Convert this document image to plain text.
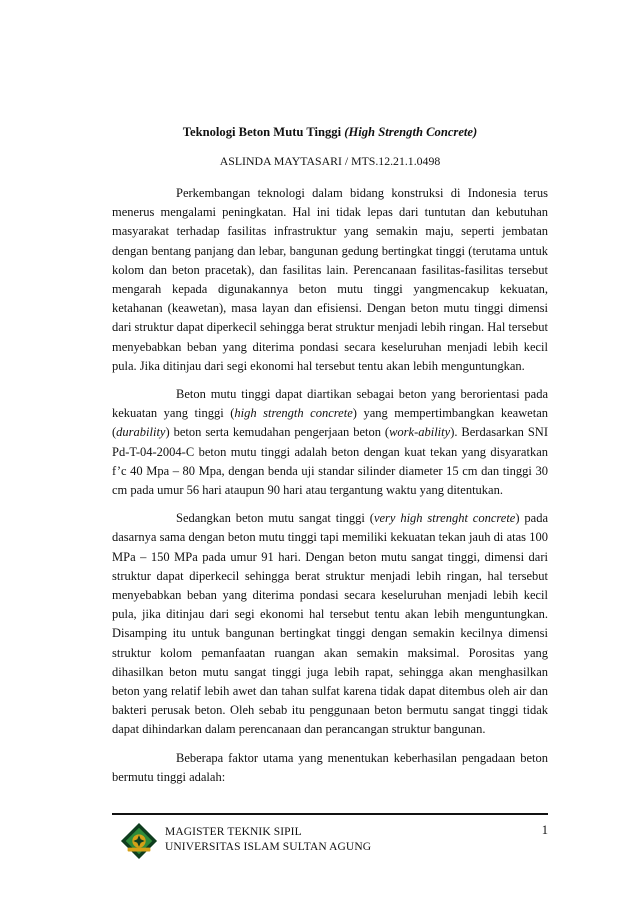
Teknologi Beton Mutu Tinggi (High Strength Concrete)
ASLINDA MAYTASARI / MTS.12.21.1.0498

Perkembangan teknologi dalam bidang konstruksi di Indonesia terus menerus mengalami peningkatan. Hal ini tidak lepas dari tuntutan dan kebutuhan masyarakat terhadap fasilitas infrastruktur yang semakin maju, seperti jembatan dengan bentang panjang dan lebar, bangunan gedung bertingkat tinggi (terutama untuk kolom dan beton pracetak), dan fasilitas lain. Perencanaan fasilitas-fasilitas tersebut mengarah kepada digunakannya beton mutu tinggi yangmencakup kekuatan, ketahanan (keawetan), masa layan dan efisiensi. Dengan beton mutu tinggi dimensi dari struktur dapat diperkecil sehingga berat struktur menjadi lebih ringan. Hal tersebut menyebabkan beban yang diterima pondasi secara keseluruhan menjadi lebih kecil pula. Jika ditinjau dari segi ekonomi hal tersebut tentu akan lebih menguntungkan.

Beton mutu tinggi dapat diartikan sebagai beton yang berorientasi pada kekuatan yang tinggi (high strength concrete) yang mempertimbangkan keawetan (durability) beton serta kemudahan pengerjaan beton (work-ability). Berdasarkan SNI Pd-T-04-2004-C beton mutu tinggi adalah beton dengan kuat tekan yang disyaratkan f’c 40 Mpa – 80 Mpa, dengan benda uji standar silinder diameter 15 cm dan tinggi 30 cm pada umur 56 hari ataupun 90 hari atau tergantung waktu yang ditentukan.

Sedangkan beton mutu sangat tinggi (very high strenght concrete) pada dasarnya sama dengan beton mutu tinggi tapi memiliki kekuatan tekan jauh di atas 100 MPa – 150 MPa pada umur 91 hari. Dengan beton mutu sangat tinggi, dimensi dari struktur dapat diperkecil sehingga berat struktur menjadi lebih ringan, hal tersebut menyebabkan beban yang diterima pondasi secara keseluruhan menjadi lebih kecil pula, jika ditinjau dari segi ekonomi hal tersebut tentu akan lebih menguntungkan. Disamping itu untuk bangunan bertingkat tinggi dengan semakin kecilnya dimensi struktur kolom pemanfaatan ruangan akan semakin maksimal. Porositas yang dihasilkan beton mutu sangat tinggi juga lebih rapat, sehingga akan menghasilkan beton yang relatif lebih awet dan tahan sulfat karena tidak dapat ditembus oleh air dan bakteri perusak beton. Oleh sebab itu penggunaan beton bermutu sangat tinggi tidak dapat dihindarkan dalam perencanaan dan perancangan struktur bangunan.

Beberapa faktor utama yang menentukan keberhasilan pengadaan beton bermutu tinggi adalah:

MAGISTER TEKNIK SIPIL
UNIVERSITAS ISLAM SULTAN AGUNG
1
